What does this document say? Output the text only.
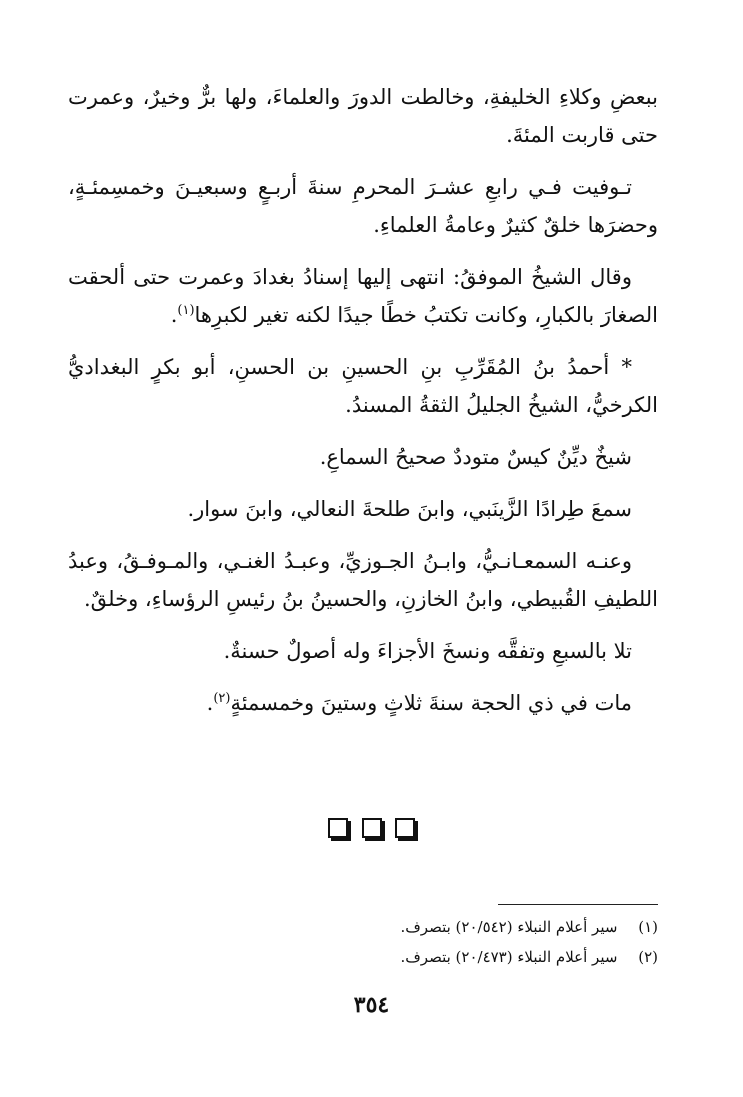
ببعضِ وكلاءِ الخليفةِ، وخالطت الدورَ والعلماءَ، ولها برٌّ وخيرٌ، وعمرت حتى قاربت المئةَ.

تـوفيت فـي رابعِ عشـرَ المحرمِ سنةَ أربـعٍ وسبعيـنَ وخمسِمئـةٍ، وحضرَها خلقٌ كثيرٌ وعامةُ العلماءِ.

وقال الشيخُ الموفقُ: انتهى إليها إسنادُ بغدادَ وعمرت حتى ألحقت الصغارَ بالكبارِ، وكانت تكتبُ خطًا جيدًا لكنه تغير لكبرِها$^{(١)}$.

* أحمدُ بنُ المُقَرِّبِ بنِ الحسينِ بن الحسنِ، أبو بكرٍ البغداديُّ الكرخيُّ، الشيخُ الجليلُ الثقةُ المسندُ.

شيخٌ ديِّنٌ كيسٌ متوددٌ صحيحُ السماعِ.

سمعَ طِرادًا الزَّينَبي، وابنَ طلحةَ النعالي، وابنَ سوار.

وعنـه السمعـانـيُّ، وابـنُ الجـوزيِّ، وعبـدُ الغنـي، والمـوفـقُ، وعبدُ اللطيفِ القُبيطي، وابنُ الخازنِ، والحسينُ بنُ رئيسِ الرؤساءِ، وخلقٌ.

تلا بالسبعِ وتفقَّه ونسخَ الأجزاءَ وله أصولٌ حسنةٌ.

مات في ذي الحجة سنةَ ثلاثٍ وستينَ وخمسمئةٍ$^{(٢)}$.

(١) سير أعلام النبلاء (٢٠/٥٤٢) بتصرف.

(٢) سير أعلام النبلاء (٢٠/٤٧٣) بتصرف.

٣٥٤
